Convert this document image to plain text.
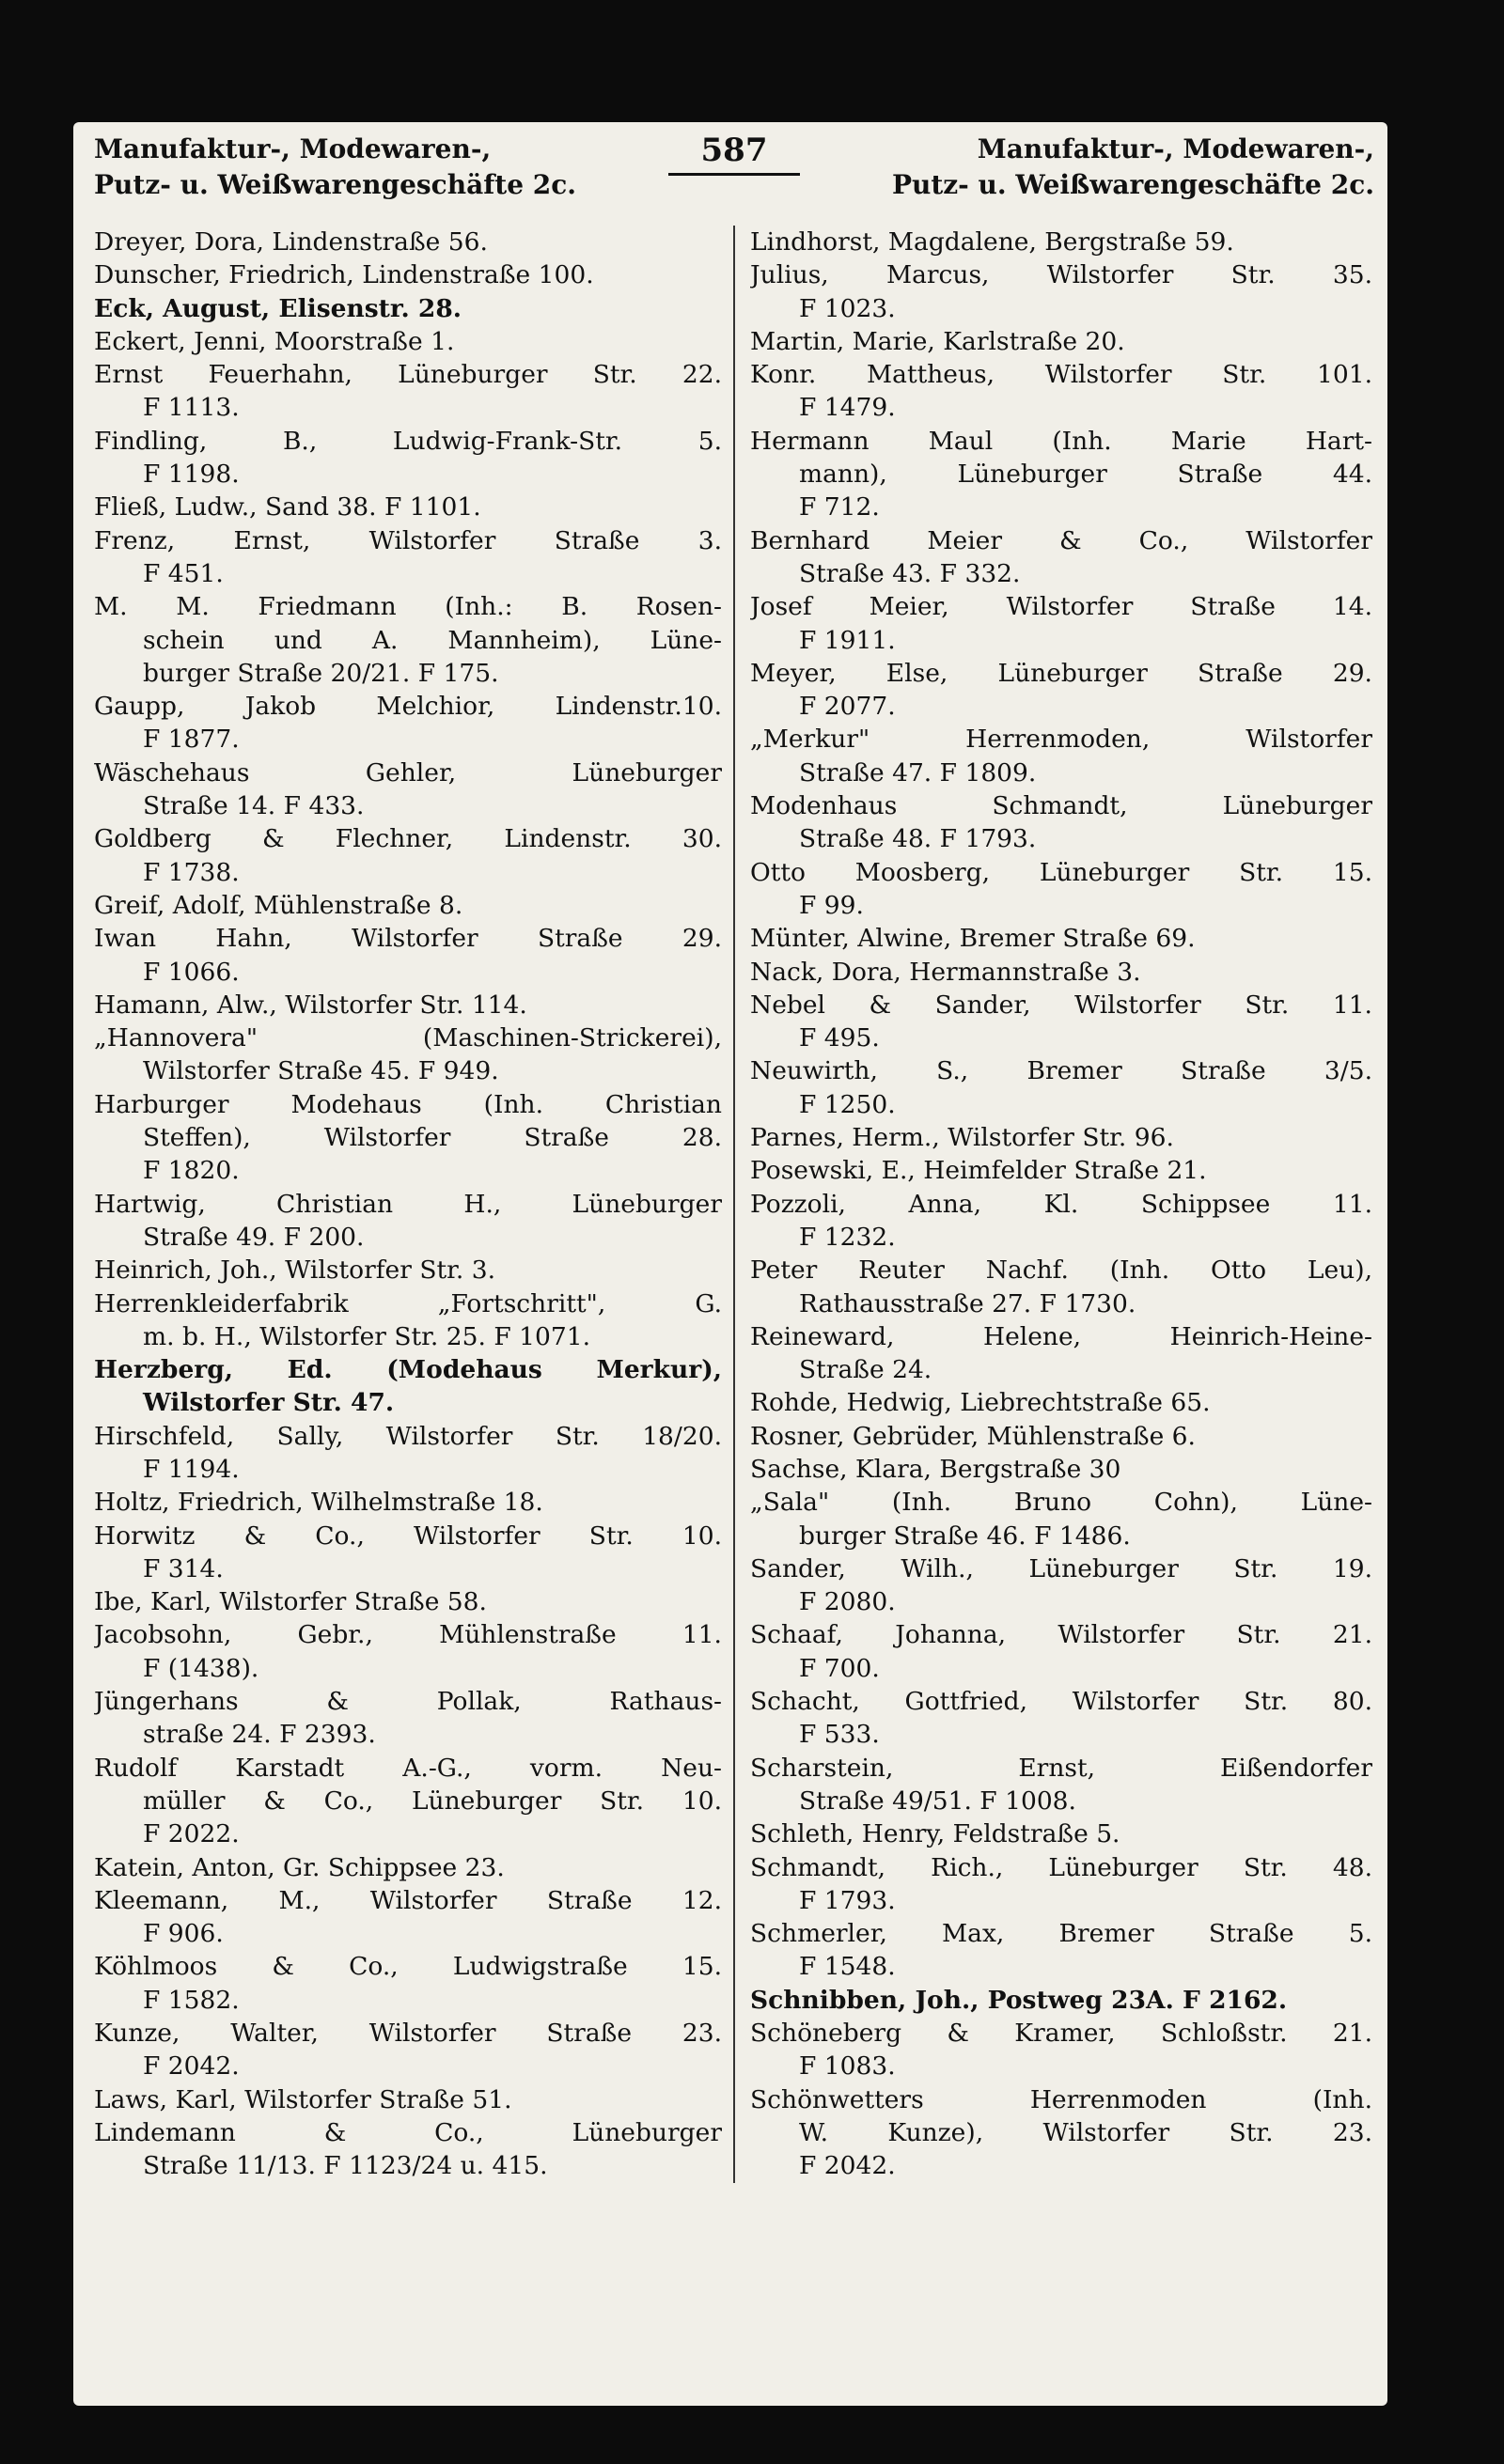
Manufaktur-, Modewaren-,
Putz- u. Weißwarengeschäfte 2c.
587	Manufaktur-, Modewaren-,
Putz- u. Weißwarengeschäfte 2c.
Dreyer, Dora, Lindenstraße 56.
Dunscher, Friedrich, Lindenstraße 100.
Eck, August, Elisenstr. 28.
Eckert, Jenni, Moorstraße 1.
Ernst Feuerhahn, Lüneburger Str. 22.
F 1113.
Findling, B., Ludwig-Frank-Str. 5.
F 1198.
Fließ, Ludw., Sand 38. F 1101.
Frenz, Ernst, Wilstorfer Straße 3.
F 451.
M. M. Friedmann (Inh.: B. Rosen-
schein und A. Mannheim), Lüne-
burger Straße 20/21. F 175.
Gaupp, Jakob Melchior, Lindenstr.10.
F 1877.
Wäschehaus Gehler, Lüneburger
Straße 14. F 433.
Goldberg & Flechner, Lindenstr. 30.
F 1738.
Greif, Adolf, Mühlenstraße 8.
Iwan Hahn, Wilstorfer Straße 29.
F 1066.
Hamann, Alw., Wilstorfer Str. 114.
„Hannovera" (Maschinen-Strickerei),
Wilstorfer Straße 45. F 949.
Harburger Modehaus (Inh. Christian
Steffen), Wilstorfer Straße 28.
F 1820.
Hartwig, Christian H., Lüneburger
Straße 49. F 200.
Heinrich, Joh., Wilstorfer Str. 3.
Herrenkleiderfabrik „Fortschritt", G.
m. b. H., Wilstorfer Str. 25. F 1071.
Herzberg, Ed. (Modehaus Merkur),
Wilstorfer Str. 47.
Hirschfeld, Sally, Wilstorfer Str. 18/20.
F 1194.
Holtz, Friedrich, Wilhelmstraße 18.
Horwitz & Co., Wilstorfer Str. 10.
F 314.
Ibe, Karl, Wilstorfer Straße 58.
Jacobsohn, Gebr., Mühlenstraße 11.
F (1438).
Jüngerhans & Pollak, Rathaus-
straße 24. F 2393.
Rudolf Karstadt A.-G., vorm. Neu-
müller & Co., Lüneburger Str. 10.
F 2022.
Katein, Anton, Gr. Schippsee 23.
Kleemann, M., Wilstorfer Straße 12.
F 906.
Köhlmoos & Co., Ludwigstraße 15.
F 1582.
Kunze, Walter, Wilstorfer Straße 23.
F 2042.
Laws, Karl, Wilstorfer Straße 51.
Lindemann & Co., Lüneburger
Straße 11/13. F 1123/24 u. 415.
Lindhorst, Magdalene, Bergstraße 59.
Julius, Marcus, Wilstorfer Str. 35.
F 1023.
Martin, Marie, Karlstraße 20.
Konr. Mattheus, Wilstorfer Str. 101.
F 1479.
Hermann Maul (Inh. Marie Hart-
mann), Lüneburger Straße 44.
F 712.
Bernhard Meier & Co., Wilstorfer
Straße 43. F 332.
Josef Meier, Wilstorfer Straße 14.
F 1911.
Meyer, Else, Lüneburger Straße 29.
F 2077.
„Merkur" Herrenmoden, Wilstorfer
Straße 47. F 1809.
Modenhaus Schmandt, Lüneburger
Straße 48. F 1793.
Otto Moosberg, Lüneburger Str. 15.
F 99.
Münter, Alwine, Bremer Straße 69.
Nack, Dora, Hermannstraße 3.
Nebel & Sander, Wilstorfer Str. 11.
F 495.
Neuwirth, S., Bremer Straße 3/5.
F 1250.
Parnes, Herm., Wilstorfer Str. 96.
Posewski, E., Heimfelder Straße 21.
Pozzoli, Anna, Kl. Schippsee 11.
F 1232.
Peter Reuter Nachf. (Inh. Otto Leu),
Rathausstraße 27. F 1730.
Reineward, Helene, Heinrich-Heine-
Straße 24.
Rohde, Hedwig, Liebrechtstraße 65.
Rosner, Gebrüder, Mühlenstraße 6.
Sachse, Klara, Bergstraße 30
„Sala" (Inh. Bruno Cohn), Lüne-
burger Straße 46. F 1486.
Sander, Wilh., Lüneburger Str. 19.
F 2080.
Schaaf, Johanna, Wilstorfer Str. 21.
F 700.
Schacht, Gottfried, Wilstorfer Str. 80.
F 533.
Scharstein, Ernst, Eißendorfer
Straße 49/51. F 1008.
Schleth, Henry, Feldstraße 5.
Schmandt, Rich., Lüneburger Str. 48.
F 1793.
Schmerler, Max, Bremer Straße 5.
F 1548.
Schnibben, Joh., Postweg 23A. F 2162.
Schöneberg & Kramer, Schloßstr. 21.
F 1083.
Schönwetters Herrenmoden (Inh.
W. Kunze), Wilstorfer Str. 23.
F 2042.
